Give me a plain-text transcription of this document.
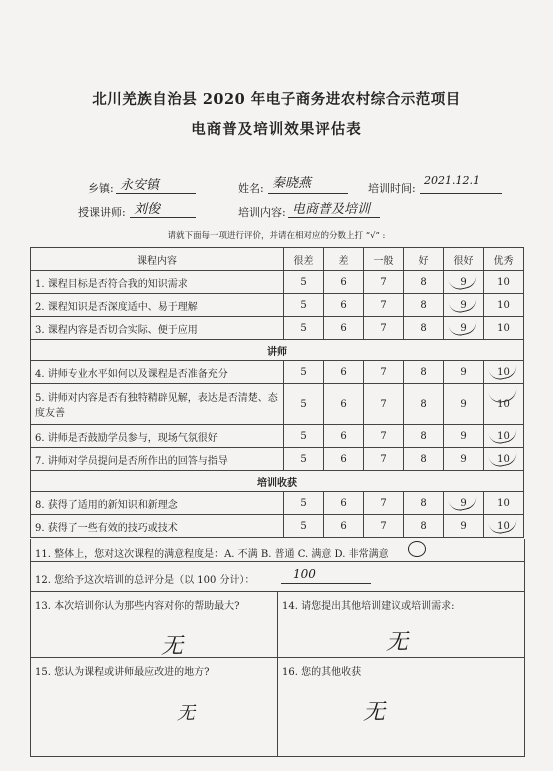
北川羌族自治县 2020 年电子商务进农村综合示范项目
电商普及培训效果评估表
乡镇: 永安镇	姓名: 秦晓燕	培训时间:
2021.12.1
授课讲师: 刘俊	培训内容: 电商普及培训
请就下面每一项进行评价，并请在相对应的分数上打 “√” :
课程内容	很差	差	一般	好	很好	优秀
1. 课程目标是否符合我的知识需求	5	6	7	8	9	10
2. 课程知识是否深度适中、易于理解	5	6	7	8	9	10
3. 课程内容是否切合实际、便于应用	5	6	7	8	9	10
讲师						
4. 讲师专业水平如何以及课程是否准备充分	5	6	7	8	9	10

5. 讲师对内容是否有独特精辟见解，表达是否清楚、态度友善	5	6	7	8	9	10

6. 讲师是否鼓励学员参与，现场气氛很好	5	6	7	8	9	10

7. 讲师对学员提问是否所作出的回答与指导	5	6	7	8	9	10

培训收获						
8. 获得了适用的新知识和新理念	5	6	7	8	9	10
9. 获得了一些有效的技巧或技术	5	6	7	8	9	10
11. 整体上，您对这次课程的满意程度是：A. 不满 B. 普通 C. 满意 D. 非常满意
12. 您给予这次培训的总评分是（以 100 分计）：	100
13. 本次培训你认为那些内容对你的帮助最大?	14. 请您提出其他培训建议或培训需求:
无	无
15. 您认为课程或讲师最应改进的地方?	16. 您的其他收获
无	无
